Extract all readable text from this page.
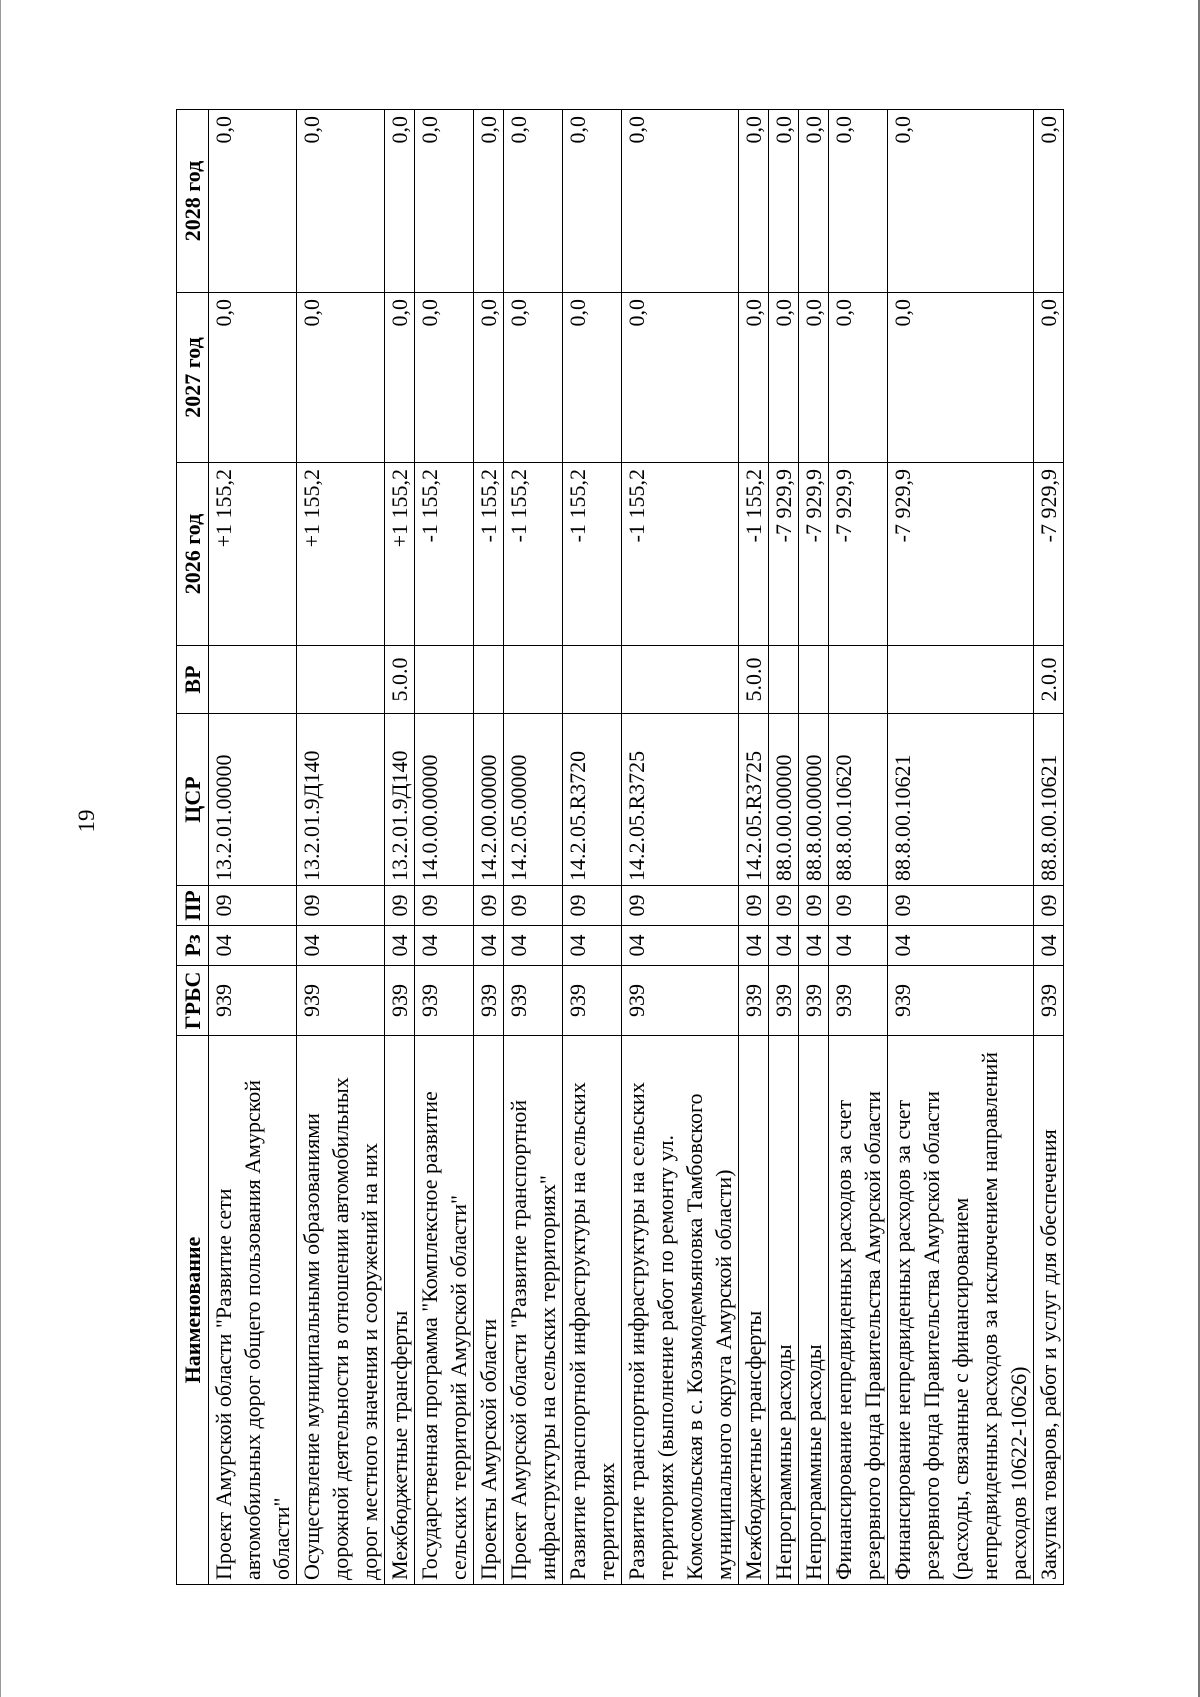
19
Наименование	ГРБС	Рз	ПР	ЦСР	ВР	2026 год	2027 год	2028 год
Проект Амурской области "Развитие сети автомобильных дорог общего пользования Амурской области"	939	04	09	13.2.01.00000		+1 155,2	0,0	0,0
Осуществление муниципальными образованиями дорожной деятельности в отношении автомобильных дорог местного значения и сооружений на них	939	04	09	13.2.01.9Д140		+1 155,2	0,0	0,0
Межбюджетные трансферты	939	04	09	13.2.01.9Д140	5.0.0	+1 155,2	0,0	0,0
Государственная программа "Комплексное развитие сельских территорий Амурской области"	939	04	09	14.0.00.00000		-1 155,2	0,0	0,0
Проекты Амурской области	939	04	09	14.2.00.00000		-1 155,2	0,0	0,0
Проект Амурской области "Развитие транспортной инфраструктуры на сельских территориях"	939	04	09	14.2.05.00000		-1 155,2	0,0	0,0
Развитие транспортной инфраструктуры на сельских территориях	939	04	09	14.2.05.R3720		-1 155,2	0,0	0,0
Развитие транспортной инфраструктуры на сельских территориях (выполнение работ по ремонту ул. Комсомольская в с. Козьмодемьяновка Тамбовского муниципального округа Амурской области)	939	04	09	14.2.05.R3725		-1 155,2	0,0	0,0
Межбюджетные трансферты	939	04	09	14.2.05.R3725	5.0.0	-1 155,2	0,0	0,0
Непрограммные расходы	939	04	09	88.0.00.00000		-7 929,9	0,0	0,0
Непрограммные расходы	939	04	09	88.8.00.00000		-7 929,9	0,0	0,0
Финансирование непредвиденных расходов за счет резервного фонда Правительства Амурской области	939	04	09	88.8.00.10620		-7 929,9	0,0	0,0
Финансирование непредвиденных расходов за счет резервного фонда Правительства Амурской области (расходы, связанные с финансированием непредвиденных расходов за исключением направлений расходов 10622-10626)	939	04	09	88.8.00.10621		-7 929,9	0,0	0,0
Закупка товаров, работ и услуг для обеспечения	939	04	09	88.8.00.10621	2.0.0	-7 929,9	0,0	0,0
